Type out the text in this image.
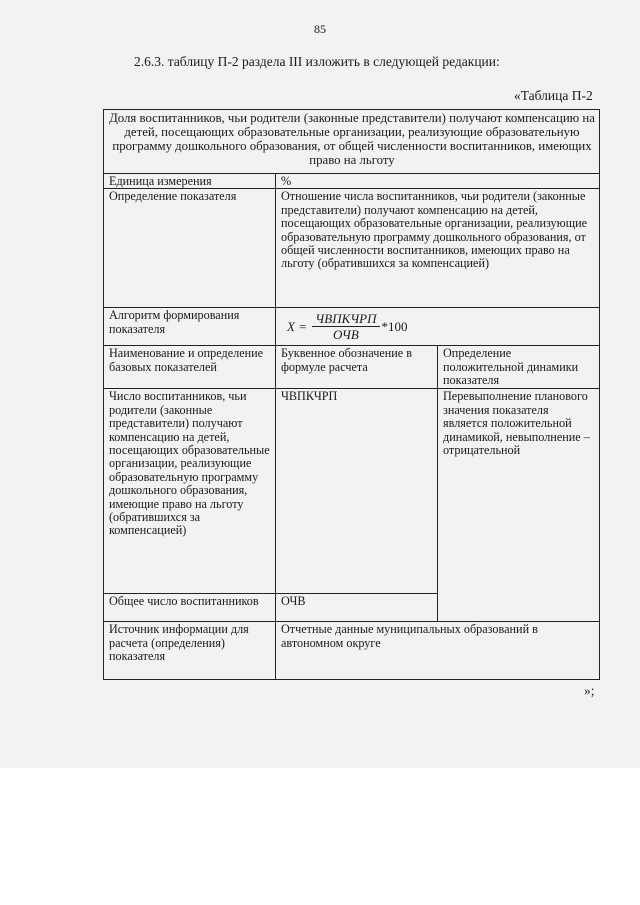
85
2.6.3. таблицу П-2 раздела III изложить в следующей редакции:
«Таблица П-2
Доля воспитанников, чьи родители (законные представители) получают компенсацию на детей, посещающих образовательные организации, реализующие образовательную программу дошкольного образования, от общей численности воспитанников, имеющих право на льготу		
Единица измерения	%	
Определение показателя	Отношение числа воспитанников, чьи родители (законные представители) получают компенсацию на детей, посещающих образовательные организации, реализующие образовательную программу дошкольного образования, от общей численности воспитанников, имеющих право на льготу (обратившихся за компенсацией)	
Алгоритм формирования показателя	$X = \frac{\text{ЧВПКЧРП}}{\text{ОЧВ}} *100$	

Наименование и определение базовых показателей	Буквенное обозначение в формуле расчета	Определение положительной динамики показателя
Число воспитанников, чьи родители (законные представители) получают компенсацию на детей, посещающих образовательные организации, реализующие образовательную программу дошкольного образования, имеющие право на льготу (обратившихся за компенсацией)	ЧВПКЧРП	Перевыполнение планового значения показателя является положительной динамикой, невыполнение – отрицательной
Общее число воспитанников	ОЧВ	
Источник информации для расчета (определения) показателя	Отчетные данные муниципальных образований в автономном округе	
»;
